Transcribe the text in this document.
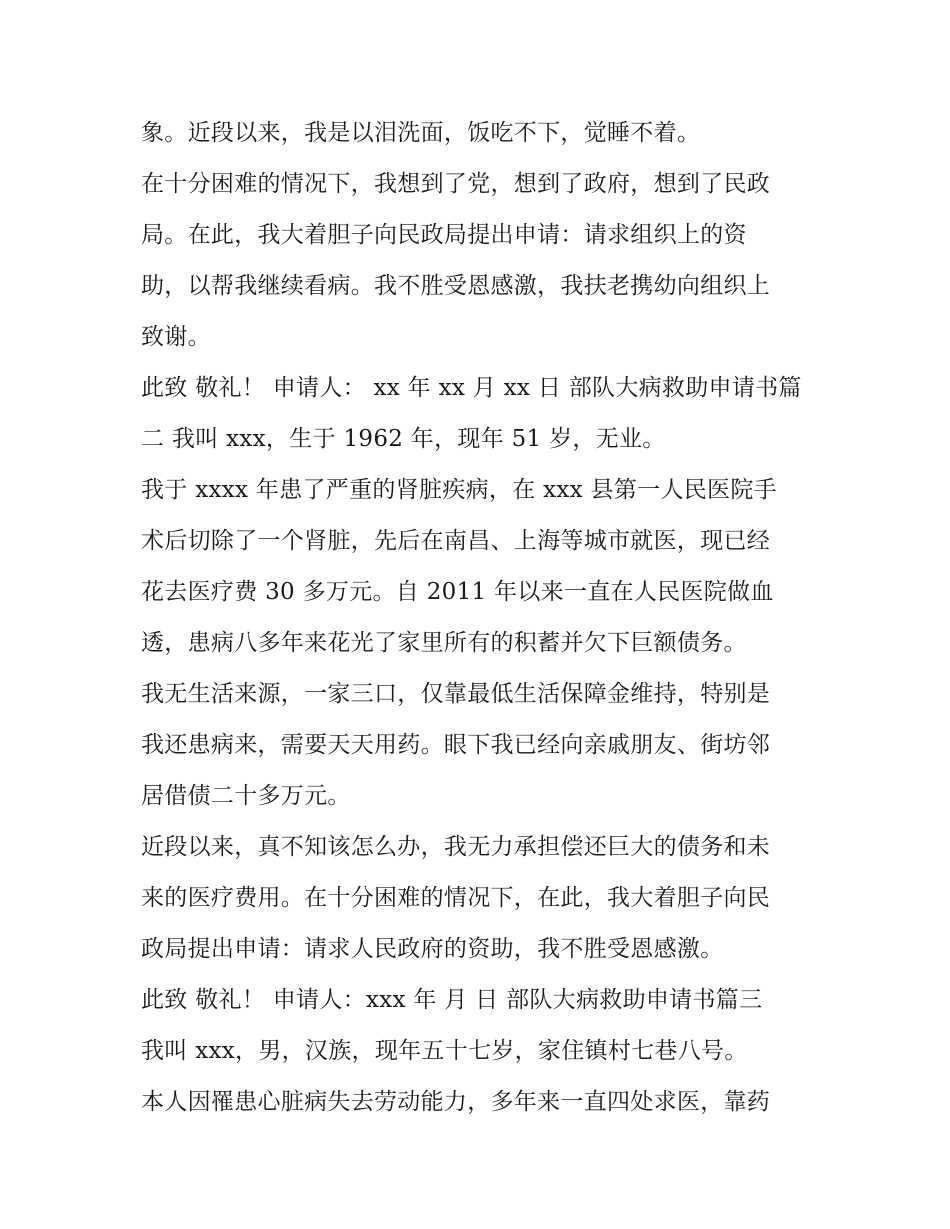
象。近段以来，我是以泪洗面，饭吃不下，觉睡不着。
在十分困难的情况下，我想到了党，想到了政府，想到了民政
局。在此，我大着胆子向民政局提出申请：请求组织上的资
助，以帮我继续看病。我不胜受恩感激，我扶老携幼向组织上
致谢。
此致 敬礼！ 申请人： xx 年 xx 月 xx 日 部队大病救助申请书篇
二 我叫 xxx，生于 1962 年，现年 51 岁，无业。
我于 xxxx 年患了严重的肾脏疾病，在 xxx 县第一人民医院手
术后切除了一个肾脏，先后在南昌、上海等城市就医，现已经
花去医疗费 30 多万元。自 2011 年以来一直在人民医院做血
透，患病八多年来花光了家里所有的积蓄并欠下巨额债务。
我无生活来源，一家三口，仅靠最低生活保障金维持，特别是
我还患病来，需要天天用药。眼下我已经向亲戚朋友、街坊邻
居借债二十多万元。
近段以来，真不知该怎么办，我无力承担偿还巨大的债务和未
来的医疗费用。在十分困难的情况下，在此，我大着胆子向民
政局提出申请：请求人民政府的资助，我不胜受恩感激。
此致 敬礼！ 申请人：xxx 年 月 日 部队大病救助申请书篇三
我叫 xxx，男，汉族，现年五十七岁，家住镇村七巷八号。
本人因罹患心脏病失去劳动能力，多年来一直四处求医，靠药
